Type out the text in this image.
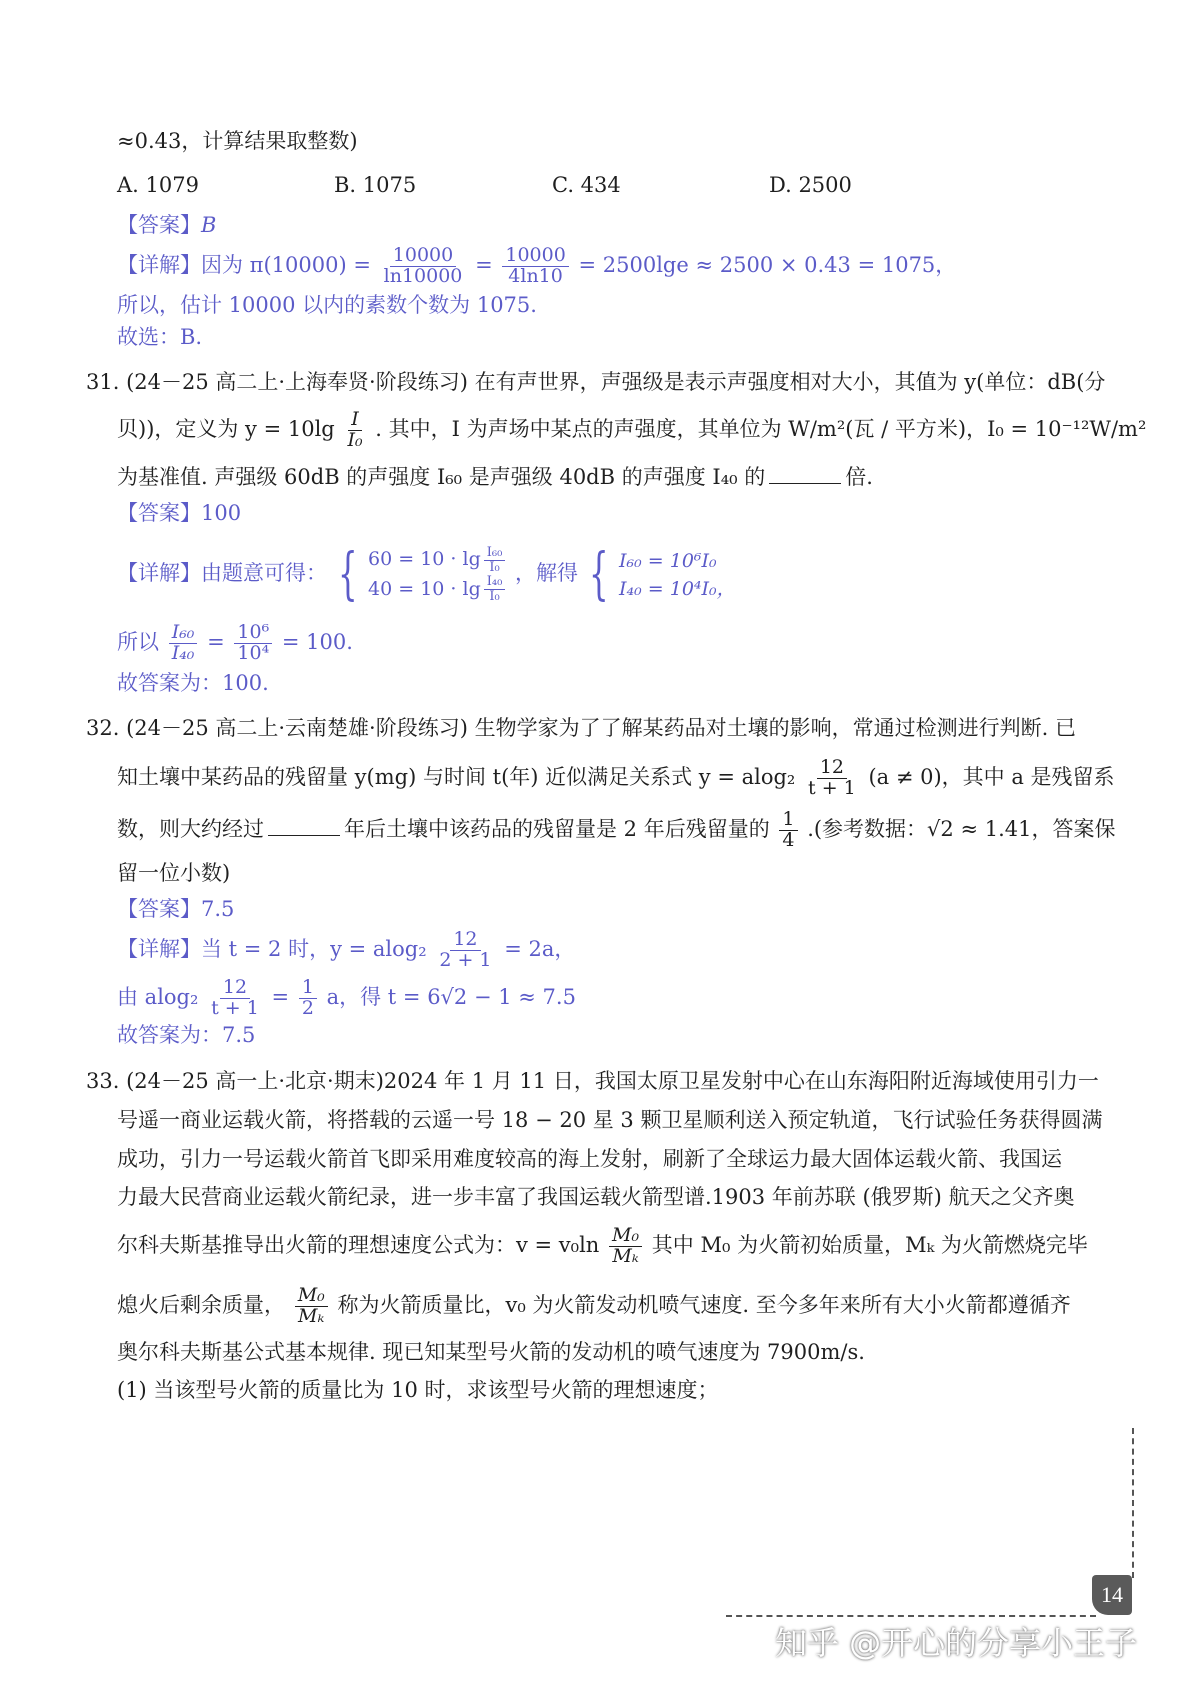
≈0.43，计算结果取整数)
A. 1079	B. 1075	C. 434	D. 2500
【答案】B
【详解】因为 $\pi(10000) = \frac{10000}{\ln 10000} = \frac{10000}{4\ln 10} = 2500\lg e \approx 2500 \times 0.43 = 1075$，
所以，估计 10000 以内的素数个数为 1075.
故选：B.
31. (24－25 高二上·上海奉贤·阶段练习) 在有声世界，声强级是表示声强度相对大小，其值为 y(单位：dB(分
贝))，定义为 $y = 10\lg \frac{I}{\text{I₀}}$ . 其中，I 为声场中某点的声强度，其单位为 W/m²(瓦 / 平方米)，I₀ = 10⁻¹²W/m²
为基准值. 声强级 60dB 的声强度 I₆₀ 是声强级 40dB 的声强度 I₄₀ 的	倍.
【答案】100
【详解】由题意可得： { $60 = 10 \cdot \lg \frac{\text{I₆₀}}{\text{I₀}}$
$40 = 10 \cdot \lg \frac{\text{I₄₀}}{\text{I₀}}$
，解得 { I₆₀ = 10⁶I₀
I₄₀ = 10⁴I₀，
所以 $\frac{\text{I₆₀}}{\text{I₄₀}} = \frac{\text{10⁶}}{\text{10⁴}} = 100$.
故答案为：100.
32. (24－25 高二上·云南楚雄·阶段练习) 生物学家为了了解某药品对土壤的影响，常通过检测进行判断. 已
知土壤中某药品的残留量 y(mg) 与时间 t(年) 近似满足关系式 $y = alog_2 \frac{12}{t + 1} (a \ne 0)$，其中 a 是残留系
数，则大约经过	年后土壤中该药品的残留量是 2 年后残留量的 $\frac{1}{4}$ .(参考数据：√2 ≈ 1.41，答案保
留一位小数)
【答案】7.5
【详解】当 t = 2 时，$y = alog_2 \frac{12}{2 + 1} = 2a$，
由 $alog_2 \frac{12}{t + 1} = \frac{1}{2}$ a，得 t = 6√2 − 1 ≈ 7.5
故答案为：7.5
33. (24－25 高一上·北京·期末)2024 年 1 月 11 日，我国太原卫星发射中心在山东海阳附近海域使用引力一
号遥一商业运载火箭，将搭载的云遥一号 18 − 20 星 3 颗卫星顺利送入预定轨道，飞行试验任务获得圆满
成功，引力一号运载火箭首飞即采用难度较高的海上发射，刷新了全球运力最大固体运载火箭、我国运
力最大民营商业运载火箭纪录，进一步丰富了我国运载火箭型谱.1903 年前苏联 (俄罗斯) 航天之父齐奥
尔科夫斯基推导出火箭的理想速度公式为：$v = v_0\ln \frac{\text{M₀}}{\text{Mₖ}}$ 其中 M₀ 为火箭初始质量，Mₖ 为火箭燃烧完毕
熄火后剩余质量， $\frac{\text{M₀}}{\text{Mₖ}}$ 称为火箭质量比，v₀ 为火箭发动机喷气速度. 至今多年来所有大小火箭都遵循齐
奥尔科夫斯基公式基本规律. 现已知某型号火箭的发动机的喷气速度为 7900m/s.
(1) 当该型号火箭的质量比为 10 时，求该型号火箭的理想速度；
14
知乎 @开心的分享小王子
